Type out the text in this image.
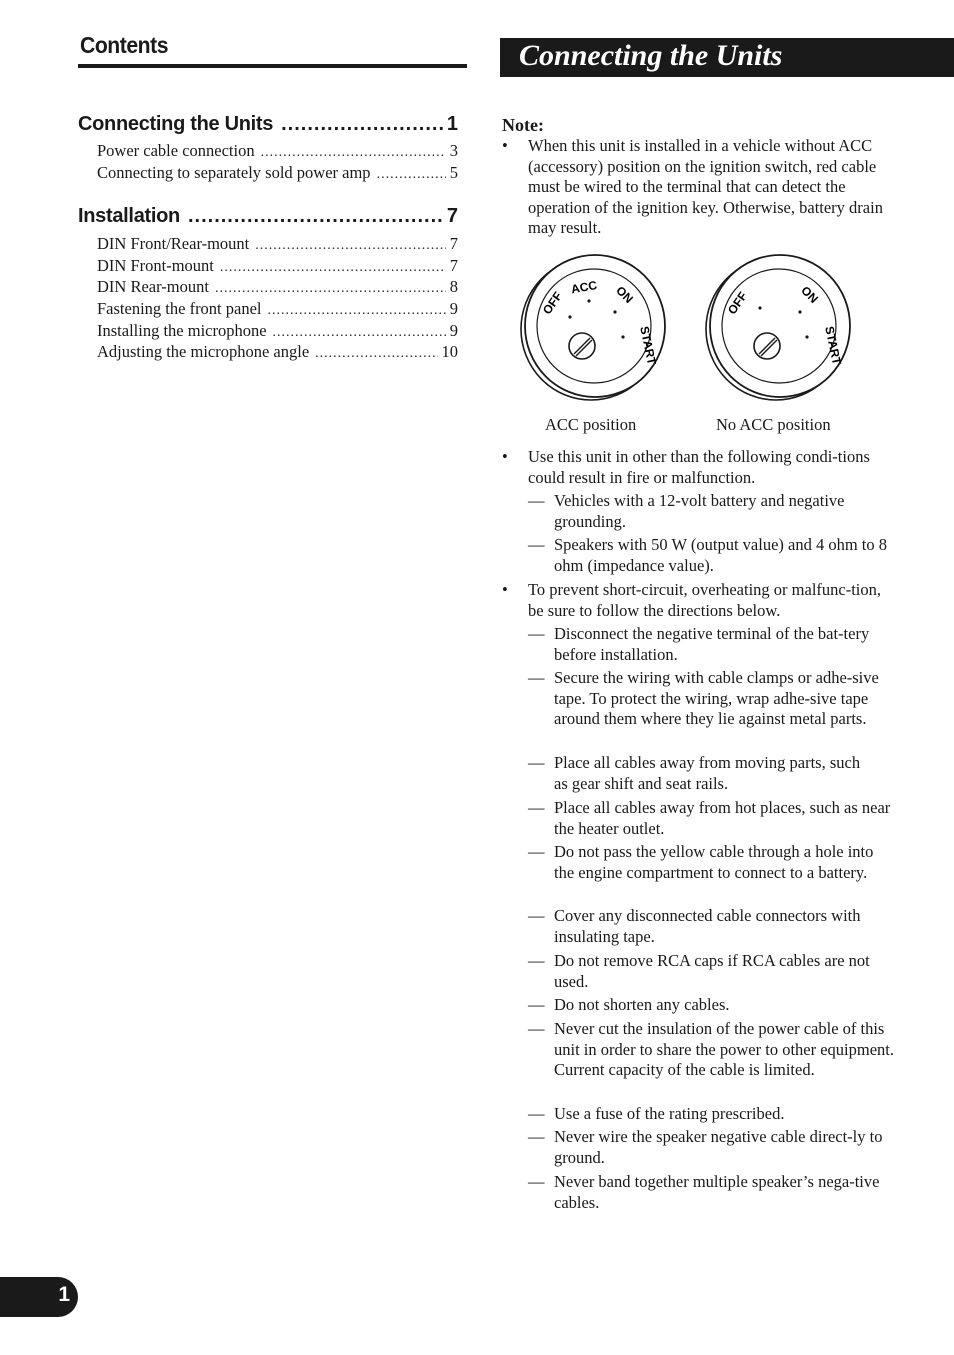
Contents
Connecting the Units .....	1
Power cable connection .....	3
Connecting to separately sold power amp .....	5
Installation .....	7
DIN Front/Rear-mount .....	7
DIN Front-mount .....	7
DIN Rear-mount .....	8
Fastening the front panel .....	9
Installing the microphone .....	9
Adjusting the microphone angle .....	10
Connecting the Units
Note:
• When this unit is installed in a vehicle without ACC (accessory) position on the ignition switch, red cable must be wired to the terminal that can detect the operation of the ignition key. Otherwise, battery drain may result.
OFF
ACC ON
START
OFF	ON
START
ACC position	No ACC position
• Use this unit in other than the following condi-tions could result in fire or malfunction.
— Vehicles with a 12-volt battery and negative grounding.
— Speakers with 50 W (output value) and 4 ohm to 8 ohm (impedance value).
• To prevent short-circuit, overheating or malfunc-tion, be sure to follow the directions below.
— Disconnect the negative terminal of the bat-tery before installation.
— Secure the wiring with cable clamps or adhe-sive tape. To protect the wiring, wrap adhe-sive tape around them where they lie against metal parts.
— Place all cables away from moving parts, such as gear shift and seat rails.
— Place all cables away from hot places, such as near the heater outlet.
— Do not pass the yellow cable through a hole into the engine compartment to connect to a battery.
— Cover any disconnected cable connectors with insulating tape.
— Do not remove RCA caps if RCA cables are not used.
— Do not shorten any cables.
— Never cut the insulation of the power cable of this unit in order to share the power to other equipment. Current capacity of the cable is limited.
— Use a fuse of the rating prescribed.
— Never wire the speaker negative cable direct-ly to ground.
— Never band together multiple speaker’s nega-tive cables.
1
